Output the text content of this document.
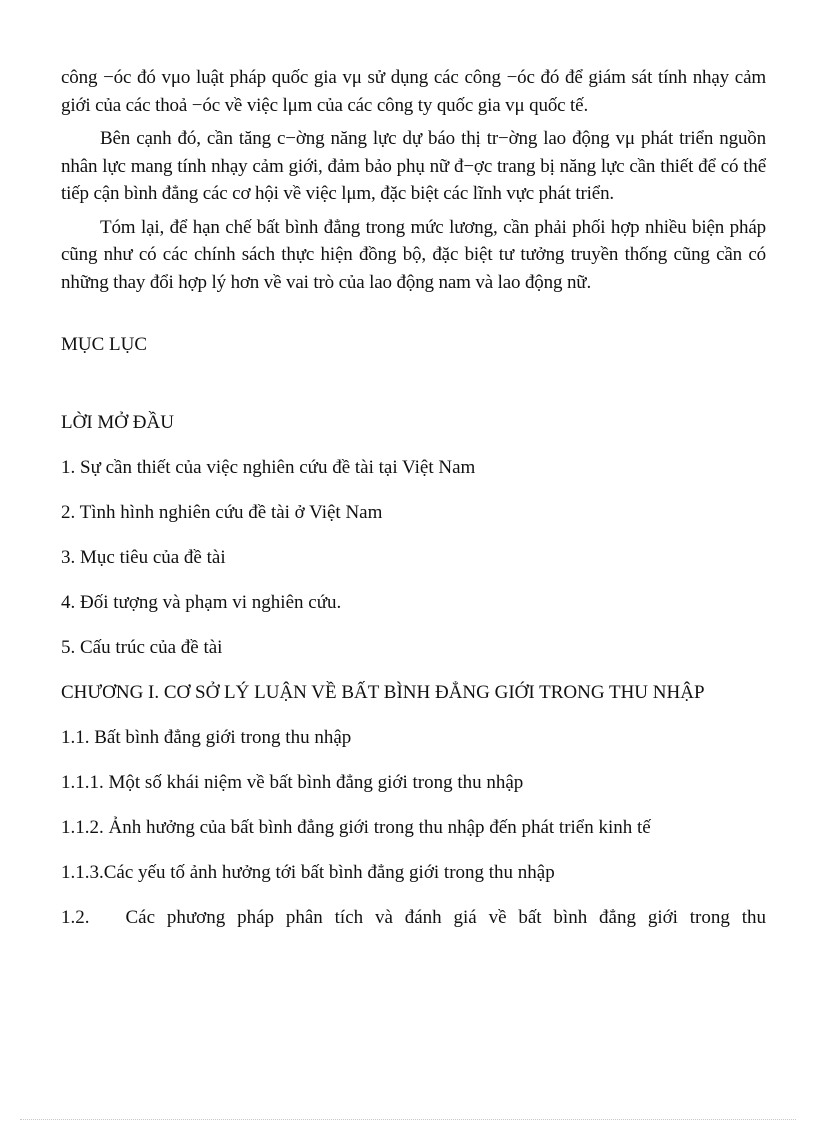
công −óc đó vμo luật pháp quốc gia vμ sử dụng các công −óc đó để giám sát tính nhạy cảm giới của các thoả −óc về việc lμm của các công ty quốc gia vμ quốc tế.

Bên cạnh đó, cần tăng c−ờng năng lực dự báo thị tr−ờng lao động vμ phát triển nguồn nhân lực mang tính nhạy cảm giới, đảm bảo phụ nữ đ−ợc trang bị năng lực cần thiết để có thể tiếp cận bình đẳng các cơ hội về việc lμm, đặc biệt các lĩnh vực phát triển.

Tóm lại, để hạn chế bất bình đẳng trong mức lương, cần phải phối hợp nhiều biện pháp cũng như có các chính sách thực hiện đồng bộ, đặc biệt tư tưởng truyền thống cũng cần có những thay đổi hợp lý hơn về vai trò của lao động nam và lao động nữ.

MỤC LỤC
LỜI MỞ ĐẦU
1. Sự cần thiết của việc nghiên cứu đề tài tại Việt Nam
2. Tình hình nghiên cứu đề tài ở Việt Nam
3. Mục tiêu của đề tài
4. Đối tượng và phạm vi nghiên cứu.
5. Cấu trúc của đề tài
CHƯƠNG I. CƠ SỞ LÝ LUẬN VỀ BẤT BÌNH ĐẲNG GIỚI TRONG THU NHẬP
1.1. Bất bình đẳng giới trong thu nhập
1.1.1. Một số khái niệm về bất bình đẳng giới trong thu nhập
1.1.2. Ảnh hưởng của bất bình đẳng giới trong thu nhập đến phát triển kinh tế
1.1.3.Các yếu tố ảnh hưởng tới bất bình đẳng giới trong thu nhập
1.2. Các phương pháp phân tích và đánh giá về bất bình đẳng giới trong thu
